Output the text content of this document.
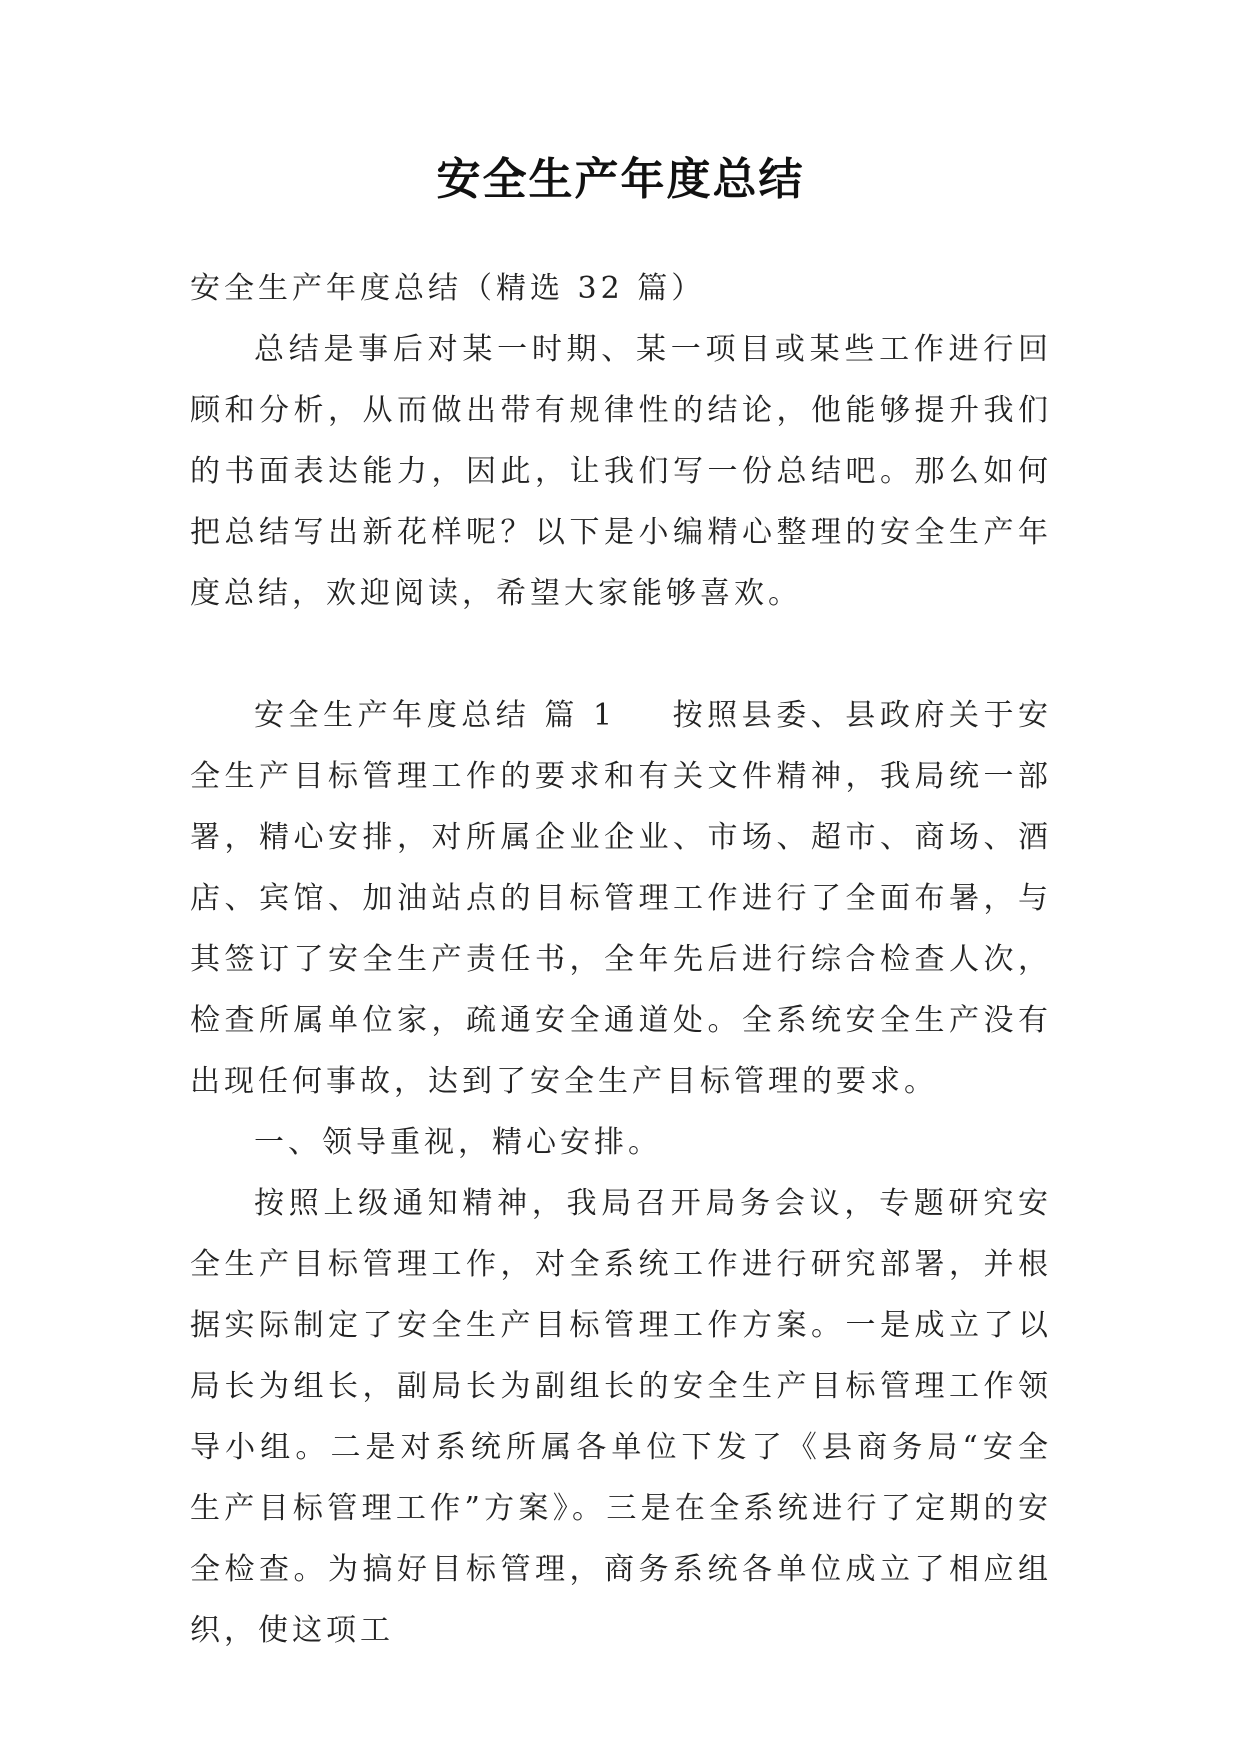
安全生产年度总结

安全生产年度总结（精选 32 篇）

总结是事后对某一时期、某一项目或某些工作进行回顾和分析，从而做出带有规律性的结论，他能够提升我们的书面表达能力，因此，让我们写一份总结吧。那么如何把总结写出新花样呢？以下是小编精心整理的安全生产年度总结，欢迎阅读，希望大家能够喜欢。

安全生产年度总结 篇 1 按照县委、县政府关于安全生产目标管理工作的要求和有关文件精神，我局统一部署，精心安排，对所属企业企业、市场、超市、商场、酒店、宾馆、加油站点的目标管理工作进行了全面布暑，与其签订了安全生产责任书，全年先后进行综合检查人次，检查所属单位家，疏通安全通道处。全系统安全生产没有出现任何事故，达到了安全生产目标管理的要求。

一、领导重视，精心安排。

按照上级通知精神，我局召开局务会议，专题研究安全生产目标管理工作，对全系统工作进行研究部署，并根据实际制定了安全生产目标管理工作方案。一是成立了以局长为组长，副局长为副组长的安全生产目标管理工作领导小组。二是对系统所属各单位下发了《县商务局“安全生产目标管理工作”方案》。三是在全系统进行了定期的安全检查。为搞好目标管理，商务系统各单位成立了相应组织，使这项工
